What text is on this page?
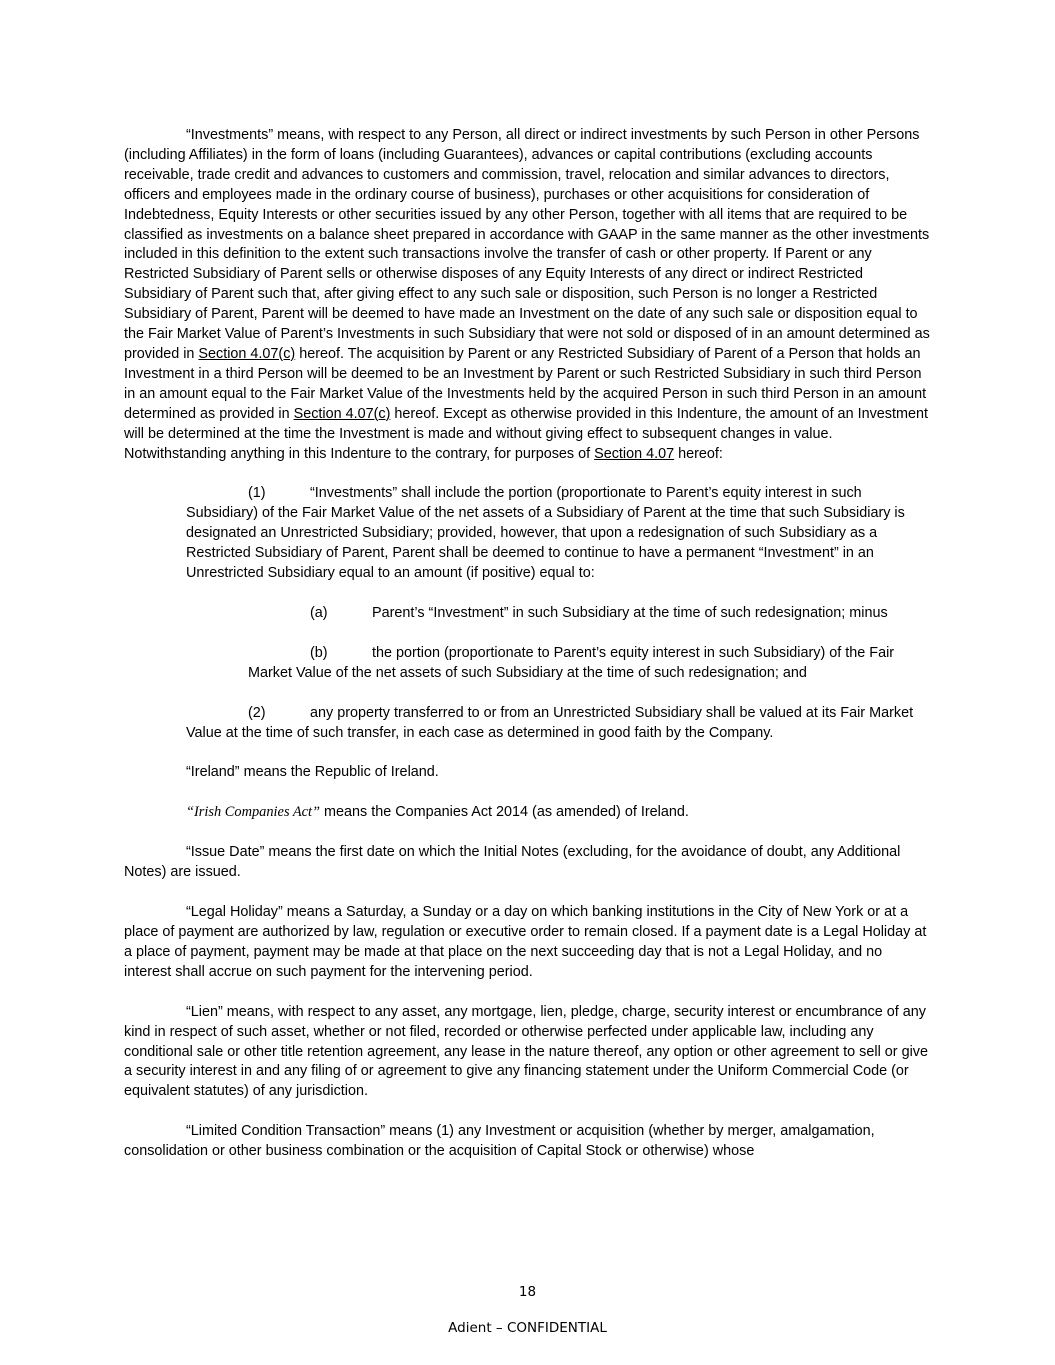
“Investments” means, with respect to any Person, all direct or indirect investments by such Person in other Persons (including Affiliates) in the form of loans (including Guarantees), advances or capital contributions (excluding accounts receivable, trade credit and advances to customers and commission, travel, relocation and similar advances to directors, officers and employees made in the ordinary course of business), purchases or other acquisitions for consideration of Indebtedness, Equity Interests or other securities issued by any other Person, together with all items that are required to be classified as investments on a balance sheet prepared in accordance with GAAP in the same manner as the other investments included in this definition to the extent such transactions involve the transfer of cash or other property. If Parent or any Restricted Subsidiary of Parent sells or otherwise disposes of any Equity Interests of any direct or indirect Restricted Subsidiary of Parent such that, after giving effect to any such sale or disposition, such Person is no longer a Restricted Subsidiary of Parent, Parent will be deemed to have made an Investment on the date of any such sale or disposition equal to the Fair Market Value of Parent’s Investments in such Subsidiary that were not sold or disposed of in an amount determined as provided in Section 4.07(c) hereof. The acquisition by Parent or any Restricted Subsidiary of Parent of a Person that holds an Investment in a third Person will be deemed to be an Investment by Parent or such Restricted Subsidiary in such third Person in an amount equal to the Fair Market Value of the Investments held by the acquired Person in such third Person in an amount determined as provided in Section 4.07(c) hereof. Except as otherwise provided in this Indenture, the amount of an Investment will be determined at the time the Investment is made and without giving effect to subsequent changes in value. Notwithstanding anything in this Indenture to the contrary, for purposes of Section 4.07 hereof:

(1)	“Investments” shall include the portion (proportionate to Parent’s equity interest in such Subsidiary) of the Fair Market Value of the net assets of a Subsidiary of Parent at the time that such Subsidiary is designated an Unrestricted Subsidiary; provided, however, that upon a redesignation of such Subsidiary as a Restricted Subsidiary of Parent, Parent shall be deemed to continue to have a permanent “Investment” in an Unrestricted Subsidiary equal to an amount (if positive) equal to:

(a)	Parent’s “Investment” in such Subsidiary at the time of such redesignation; minus

(b)	the portion (proportionate to Parent’s equity interest in such Subsidiary) of the Fair Market Value of the net assets of such Subsidiary at the time of such redesignation; and

(2)	any property transferred to or from an Unrestricted Subsidiary shall be valued at its Fair Market Value at the time of such transfer, in each case as determined in good faith by the Company.

“Ireland” means the Republic of Ireland.

“Irish Companies Act” means the Companies Act 2014 (as amended) of Ireland.

“Issue Date” means the first date on which the Initial Notes (excluding, for the avoidance of doubt, any Additional Notes) are issued.

“Legal Holiday” means a Saturday, a Sunday or a day on which banking institutions in the City of New York or at a place of payment are authorized by law, regulation or executive order to remain closed. If a payment date is a Legal Holiday at a place of payment, payment may be made at that place on the next succeeding day that is not a Legal Holiday, and no interest shall accrue on such payment for the intervening period.

“Lien” means, with respect to any asset, any mortgage, lien, pledge, charge, security interest or encumbrance of any kind in respect of such asset, whether or not filed, recorded or otherwise perfected under applicable law, including any conditional sale or other title retention agreement, any lease in the nature thereof, any option or other agreement to sell or give a security interest in and any filing of or agreement to give any financing statement under the Uniform Commercial Code (or equivalent statutes) of any jurisdiction.

“Limited Condition Transaction” means (1) any Investment or acquisition (whether by merger, amalgamation, consolidation or other business combination or the acquisition of Capital Stock or otherwise) whose

18
Adient – CONFIDENTIAL
